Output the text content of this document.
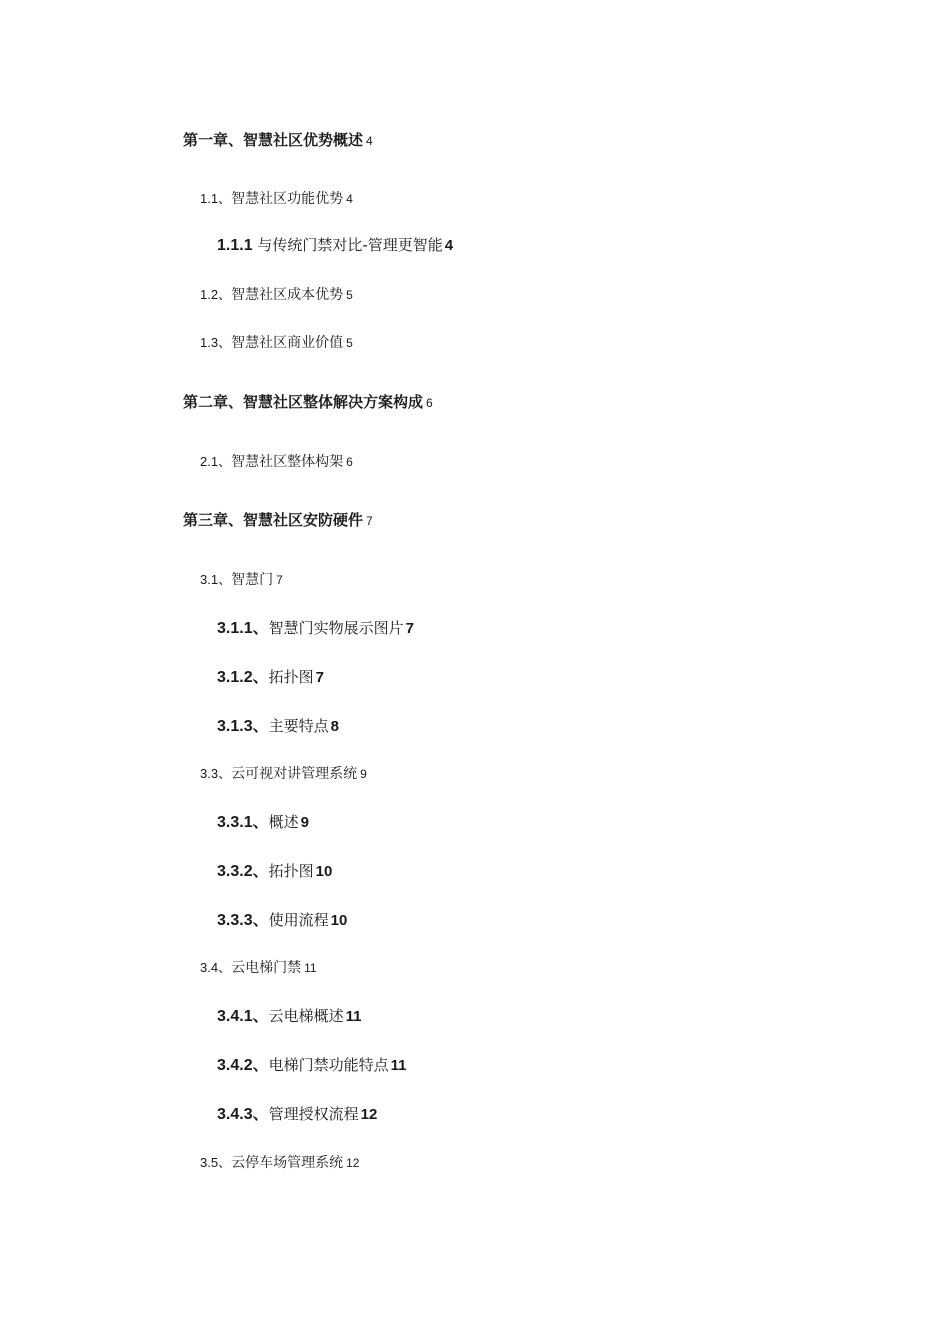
第一章、智慧社区优势概述 4
1.1、智慧社区功能优势 4
1.1.1 与传统门禁对比-管理更智能 4
1.2、智慧社区成本优势 5
1.3、智慧社区商业价值 5
第二章、智慧社区整体解决方案构成 6
2.1、智慧社区整体构架 6
第三章、智慧社区安防硬件 7
3.1、智慧门 7
3.1.1、智慧门实物展示图片 7
3.1.2、拓扑图 7
3.1.3、主要特点 8
3.3、云可视对讲管理系统 9
3.3.1、概述 9
3.3.2、拓扑图 10
3.3.3、使用流程 10
3.4、云电梯门禁 11
3.4.1、云电梯概述 11
3.4.2、电梯门禁功能特点 11
3.4.3、管理授权流程 12
3.5、云停车场管理系统 12
